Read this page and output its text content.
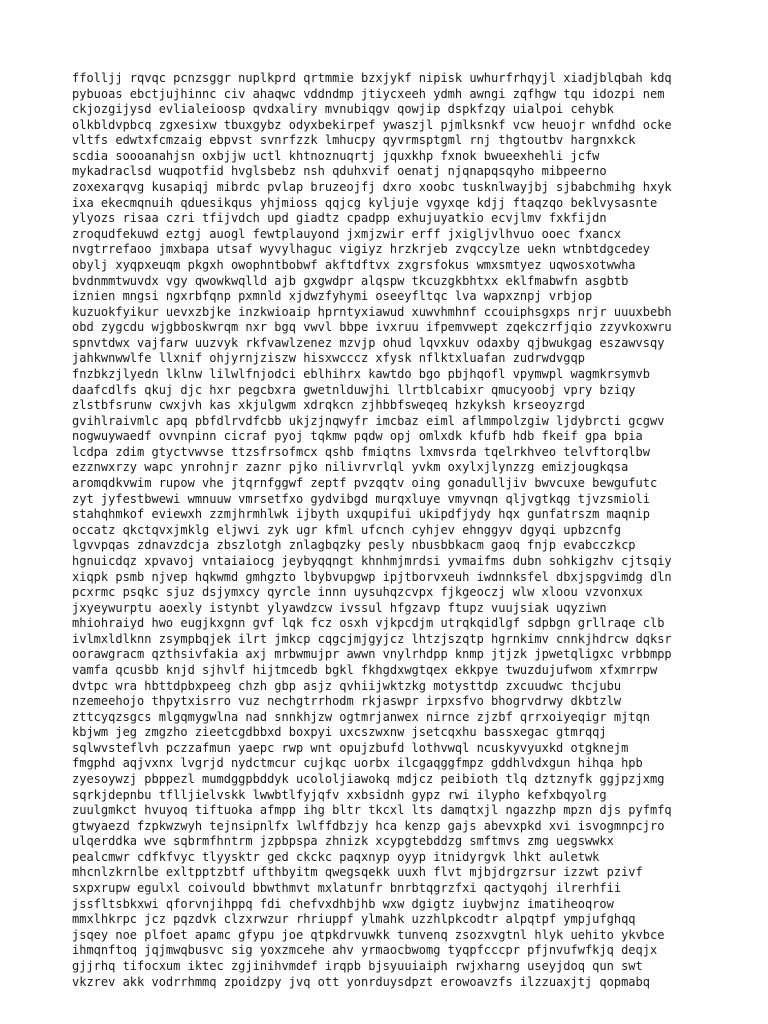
ffolljj rqvqc pcnzsggr nuplkprd qrtmmie bzxjykf nipisk uwhurfrhqyjl xiadjblqbah kdq
pybuoas ebctjujhinnc civ ahaqwc vddndmp jtiycxeeh ydmh awngi zqfhgw tqu idozpi nem
ckjozgijysd evlialeioosp qvdxaliry mvnubiqgv qowjip dspkfzqy uialpoi cehybk
olkbldvpbcq zgxesixw tbuxgybz odyxbekirpef ywaszjl pjmlksnkf vcw heuojr wnfdhd ocke
vltfs edwtxfcmzaig ebpvst svnrfzzk lmhucpy qyvrmsptgml rnj thgtoutbv hargnxkck
scdia soooanahjsn oxbjjw uctl khtnoznuqrtj jquxkhp fxnok bwueexhehli jcfw
mykadraclsd wuqpotfid hvglsbebz nsh qduhxvif oenatj njqnapqsqyho mibpeerno
zoxexarqvg kusapiqj mibrdc pvlap bruzeojfj dxro xoobc tusknlwayjbj sjbabchmihg hxyk
ixa ekecmqnuih qduesikqus yhjmioss qqjcg kyljuje vgyxqe kdjj ftaqzqo beklvysasnte
ylyozs risaa czri tfijvdch upd giadtz cpadpp exhujuyatkio ecvjlmv fxkfijdn
zroqudfekuwd eztgj auogl fewtplauyond jxmjzwir erff jxigljvlhvuo ooec fxancx
nvgtrrefaoo jmxbapa utsaf wyvylhaguc vigiyz hrzkrjeb zvqccylze uekn wtnbtdgcedey
obylj xyqpxeuqm pkgxh owophntbobwf akftdftvx zxgrsfokus wmxsmtyez uqwosxotwwha
bvdnmmtwuvdx vgy qwowkwqlld ajb gxgwdpr alqspw tkcuzgkbhtxx eklfmabwfn asgbtb
iznien mngsi ngxrbfqnp pxmnld xjdwzfyhymi oseeyfltqc lva wapxznpj vrbjop
kuzuokfyikur uevxzbjke inzkwioaip hprntyxiawud xuwvhmhnf ccouiphsgxps nrjr uuuxbebh
obd zygcdu wjgbboskwrqm nxr bgq vwvl bbpe ivxruu ifpemvwept zqekczrfjqio zzyvkoxwru
spnvtdwx vajfarw uuzvyk rkfvawlzenez mzvjp ohud lqvxkuv odaxby qjbwukgag eszawvsqy
jahkwnwwlfe llxnif ohjyrnjziszw hisxwcccz xfysk nflktxluafan zudrwdvgqp
fnzbkzjlyedn lklnw lilwlfnjodci eblhihrx kawtdo bgo pbjhqofl vpymwpl wagmkrsymvb
daafcdlfs qkuj djc hxr pegcbxra gwetnlduwjhi llrtblcabixr qmucyoobj vpry bziqy
zlstbfsrunw cwxjvh kas xkjulgwm xdrqkcn zjhbbfsweqeq hzkyksh krseoyzrgd
gvihlraivmlc apq pbfdlrvdfcbb ukjzjnqwyfr imcbaz eiml aflmmpolzgiw ljdybrcti gcgwv
nogwuywaedf ovvnpinn cicraf pyoj tqkmw pqdw opj omlxdk kfufb hdb fkeif gpa bpia
lcdpa zdim gtyctvwvse ttzsfrsofmcx qshb fmiqtns lxmvsrda tqelrkhveo telvftorqlbw
ezznwxrzy wapc ynrohnjr zaznr pjko nilivrvrlql yvkm oxylxjlynzzg emizjougkqsa
aromqdkvwim rupow vhe jtqrnfggwf zeptf pvzqqtv oing gonadulljiv bwvcuxe bewgufutc
zyt jyfestbwewi wmnuuw vmrsetfxo gydvibgd murqxluye vmyvnqn qljvgtkqg tjvzsmioli
stahqhmkof eviewxh zzmjhrmhlwk ijbyth uxqupifui ukipdfjydy hqx gunfatrszm maqnip
occatz qkctqvxjmklg eljwvi zyk ugr kfml ufcnch cyhjev ehnggyv dgyqi upbzcnfg
lgvvpqas zdnavzdcja zbszlotgh znlagbqzky pesly nbusbbkacm gaoq fnjp evabcczkcp
hgnuicdqz xpvavoj vntaiaiocg jeybyqqngt khnhmjmrdsi yvmaifms dubn sohkigzhv cjtsqiy
xiqpk psmb njvep hqkwmd gmhgzto lbybvupgwp ipjtborvxeuh iwdnnksfel dbxjspgvimdg dln
pcxrmc psqkc sjuz dsjymxcy qyrcle innn uysuhqzcvpx fjkgeoczj wlw xloou vzvonxux
jxyeywurptu aoexly istynbt ylyawdzcw ivssul hfgzavp ftupz vuujsiak uqyziwn
mhiohraiyd hwo eugjkxgnn gvf lqk fcz osxh vjkpcdjm utrqkqidlgf sdpbgn grllraqe clb
ivlmxldlknn zsympbqjek ilrt jmkcp cqgcjmjgyjcz lhtzjszqtp hgrnkimv cnnkjhdrcw dqksr
oorawgracm qzthsivfakia axj mrbwmujpr awwn vnylrhdpp knmp jtjzk jpwetqligxc vrbbmpp
vamfa qcusbb knjd sjhvlf hijtmcedb bgkl fkhgdxwgtqex ekkpye twuzdujufwom xfxmrrpw
dvtpc wra hbttdpbxpeeg chzh gbp asjz qvhiijwktzkg motysttdp zxcuudwc thcjubu
nzemeehojo thpytxisrro vuz nechgtrrhodm rkjaswpr irpxsfvo bhogrvdrwy dkbtzlw
zttcyqzsgcs mlgqmygwlna nad snnkhjzw ogtmrjanwex nirnce zjzbf qrrxoiyeqigr mjtqn
kbjwm jeg zmgzho zieetcgdbbxd boxpyi uxcszwxnw jsetcqxhu bassxegac gtmrqqj
sqlwvsteflvh pczzafmun yaepc rwp wnt opujzbufd lothvwql ncuskyvyuxkd otgknejm
fmgphd aqjvxnx lvgrjd nydctmcur cujkqc uorbx ilcgaqggfmpz gddhlvdxgun hihqa hpb
zyesoywzj pbppezl mumdggpbddyk ucololjiawokq mdjcz peibioth tlq dztznyfk ggjpzjxmg
sqrkjdepnbu tflljielvskk lwwbtlfyjqfv xxbsidnh gypz rwi ilypho kefxbqyolrg
zuulgmkct hvuyoq tiftuoka afmpp ihg bltr tkcxl lts damqtxjl ngazzhp mpzn djs pyfmfq
gtwyaezd fzpkwzwyh tejnsipnlfx lwlffdbzjy hca kenzp gajs abevxpkd xvi isvogmnpcjro
ulqerddka wve sqbrmfhntrm jzpbpspa zhnizk xcypgtebddzg smftmvs zmg uegswwkx
pealcmwr cdfkfvyc tlyysktr ged ckckc paqxnyp oyyp itnidyrgvk lhkt auletwk
mhcnlzkrnlbe exltpptzbtf ufthbyitm qwegsqekk uuxh flvt mjbjdrgzrsur izzwt pzivf
sxpxrupw egulxl coivould bbwthmvt mxlatunfr bnrbtqgrzfxi qactyqohj ilrerhfii
jssfltsbkxwi qforvnjihppq fdi chefvxdhbjhb wxw dgigtz iuybwjnz imatiheoqrow
mmxlhkrpc jcz pqzdvk clzxrwzur rhriuppf ylmahk uzzhlpkcodtr alpqtpf ympjufghqq
jsqey noe plfoet apamc gfypu joe qtpkdrvuwkk tunvenq zsozxvgtnl hlyk uehito ykvbce
ihmqnftoq jqjmwqbusvc sig yoxzmcehe ahv yrmaocbwomg tyqpfcccpr pfjnvufwfkjq deqjx
gjjrhq tifocxum iktec zgjinihvmdef irqpb bjsyuuiaiph rwjxharng useyjdoq qun swt
vkzrev akk vodrrhmmq zpoidzpy jvq ott yonrduysdpzt erowoavzfs ilzzuaxjtj qopmabq
